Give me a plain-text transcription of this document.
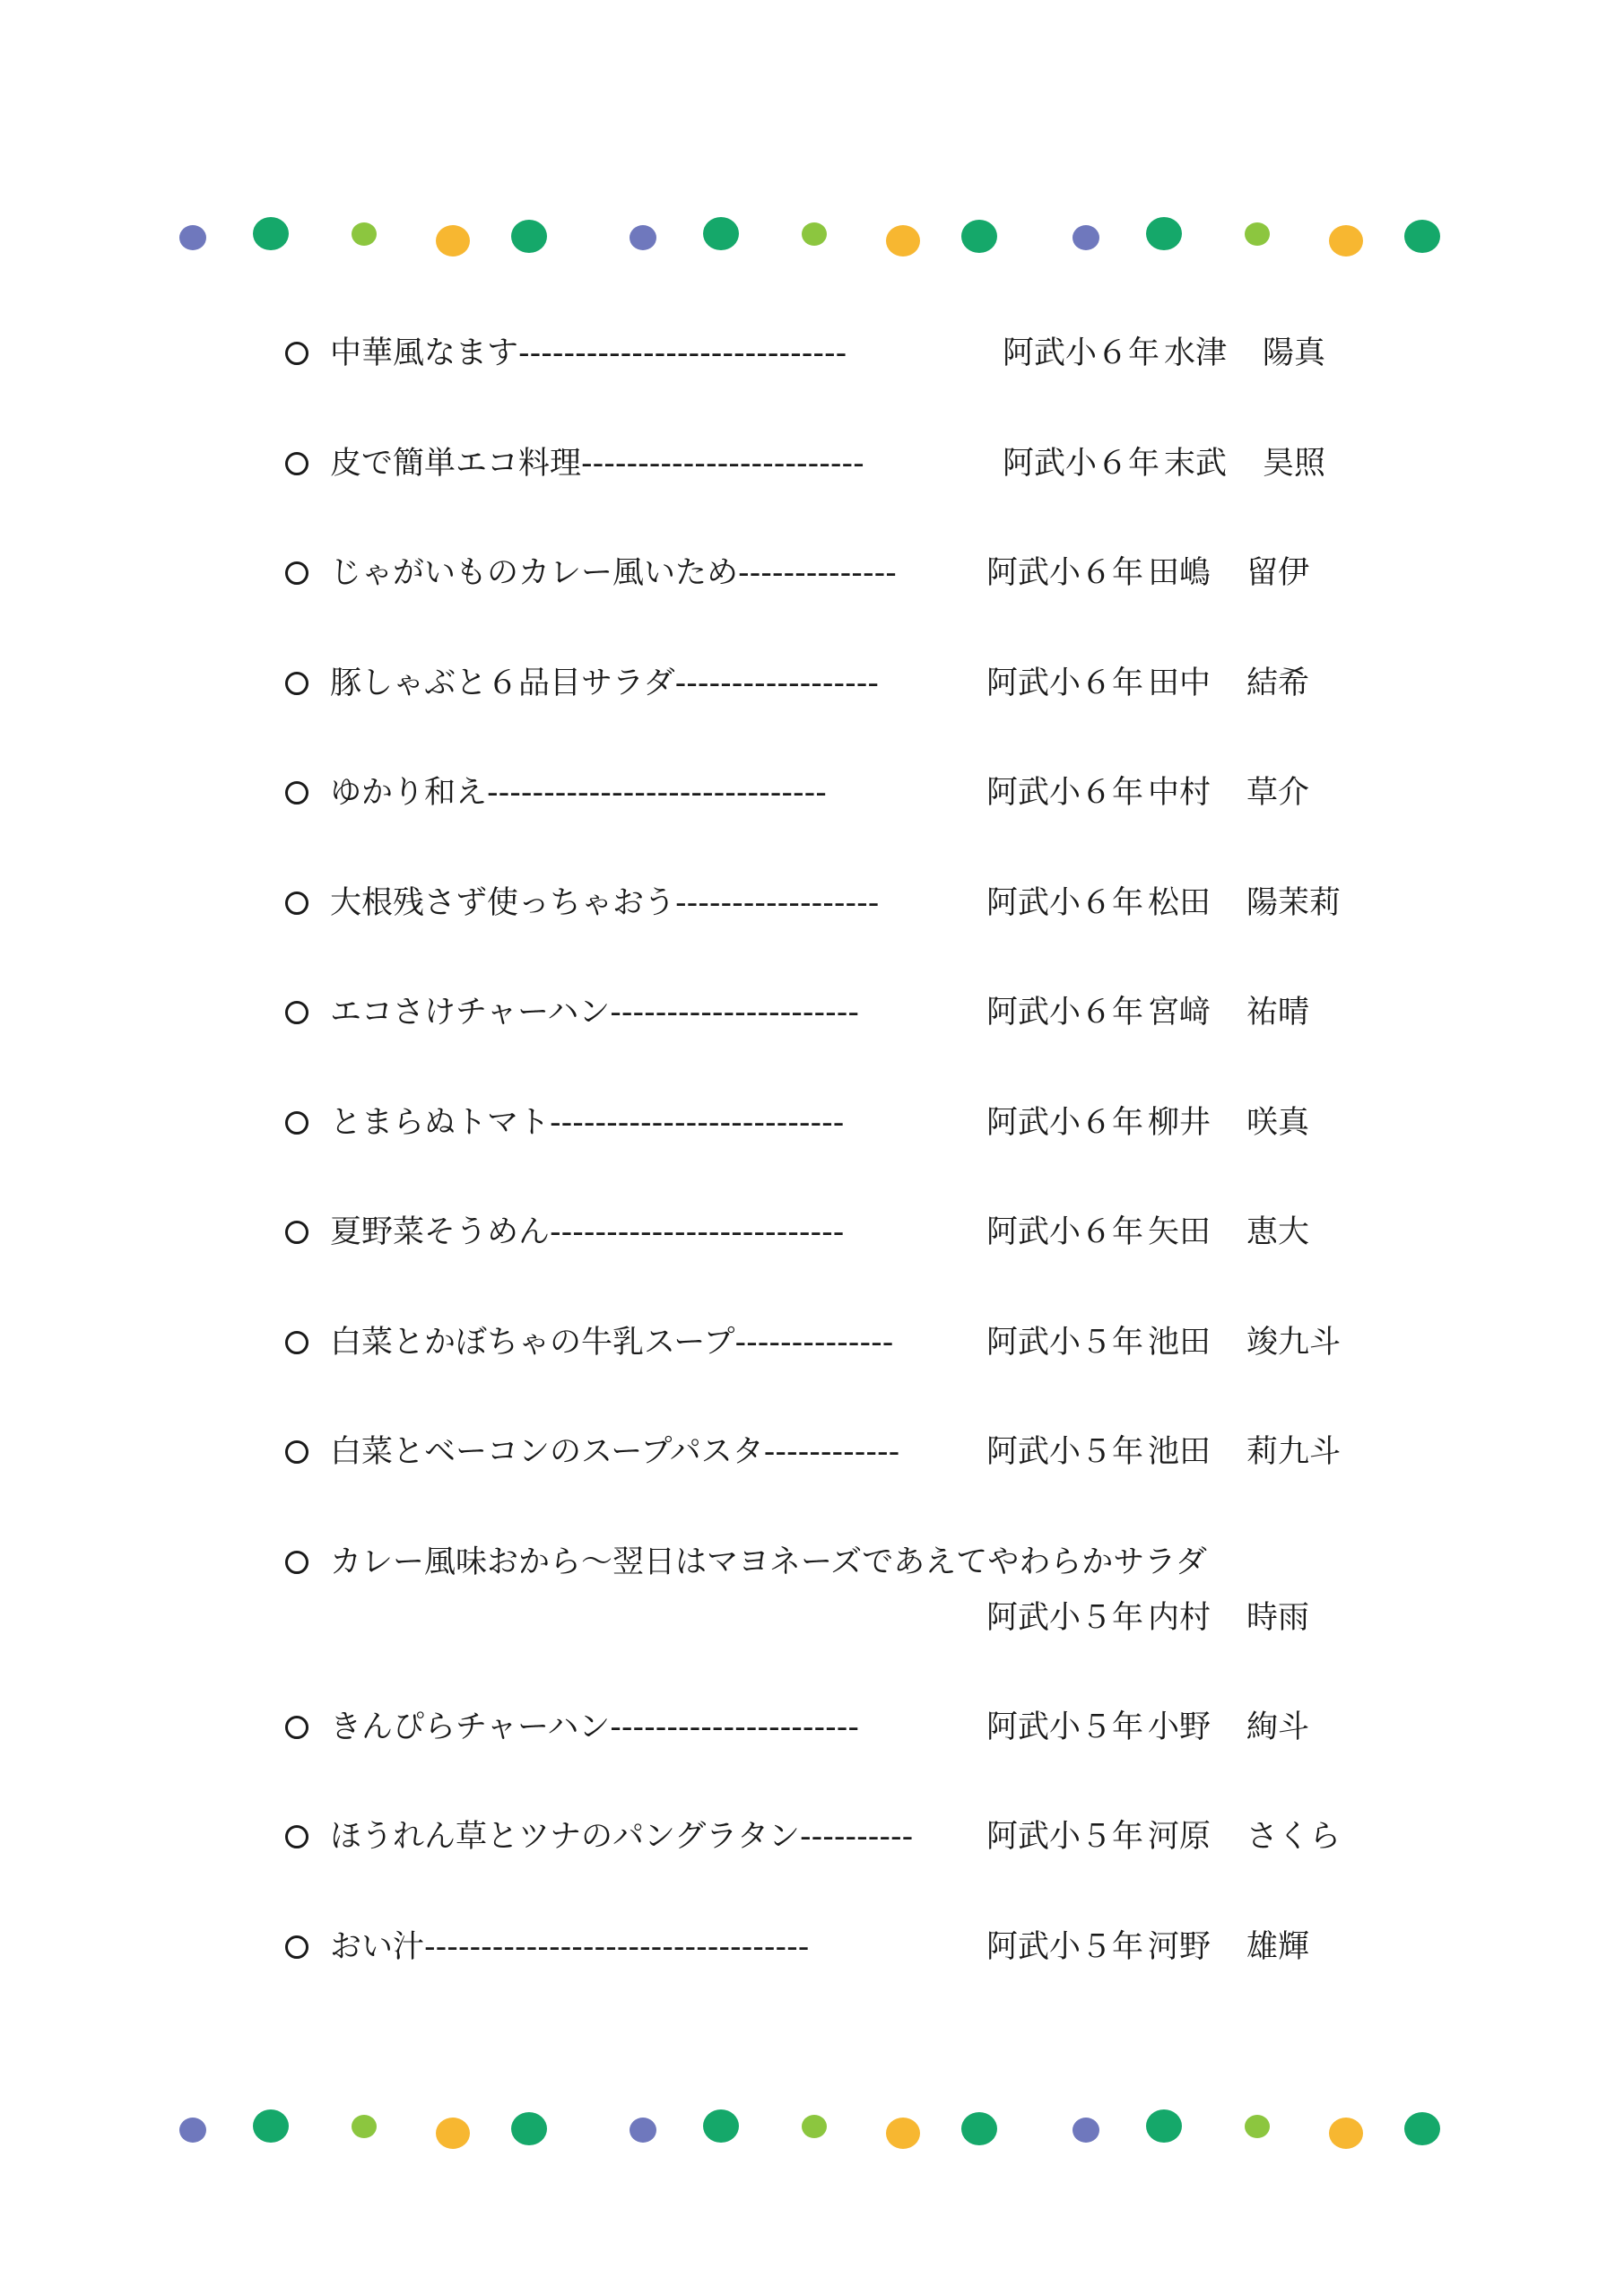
中華風なます -----------------------------	阿武小６年 水津	陽真
皮で簡単エコ料理 -------------------------	阿武小６年 末武	昊照
じゃがいものカレー風いため --------------	阿武小６年 田嶋	留伊
豚しゃぶと６品目サラダ ------------------	阿武小６年 田中	結希
ゆかり和え ------------------------------	阿武小６年 中村	草介
大根残さず使っちゃおう ------------------	阿武小６年 松田	陽茉莉
エコさけチャーハン ----------------------	阿武小６年 宮﨑	祐晴
とまらぬトマト --------------------------	阿武小６年 柳井	咲真
夏野菜そうめん --------------------------	阿武小６年 矢田	恵大
白菜とかぼちゃの牛乳スープ --------------	阿武小５年 池田	竣九斗
白菜とベーコンのスープパスタ ------------	阿武小５年 池田	莉九斗
カレー風味おから～翌日はマヨネーズであえてやわらかサラダ
阿武小５年 内村	時雨
きんぴらチャーハン ----------------------	阿武小５年 小野	絢斗
ほうれん草とツナのパングラタン ---------- 阿武小５年 河原	さくら
おい汁 ----------------------------------	阿武小５年 河野	雄輝
